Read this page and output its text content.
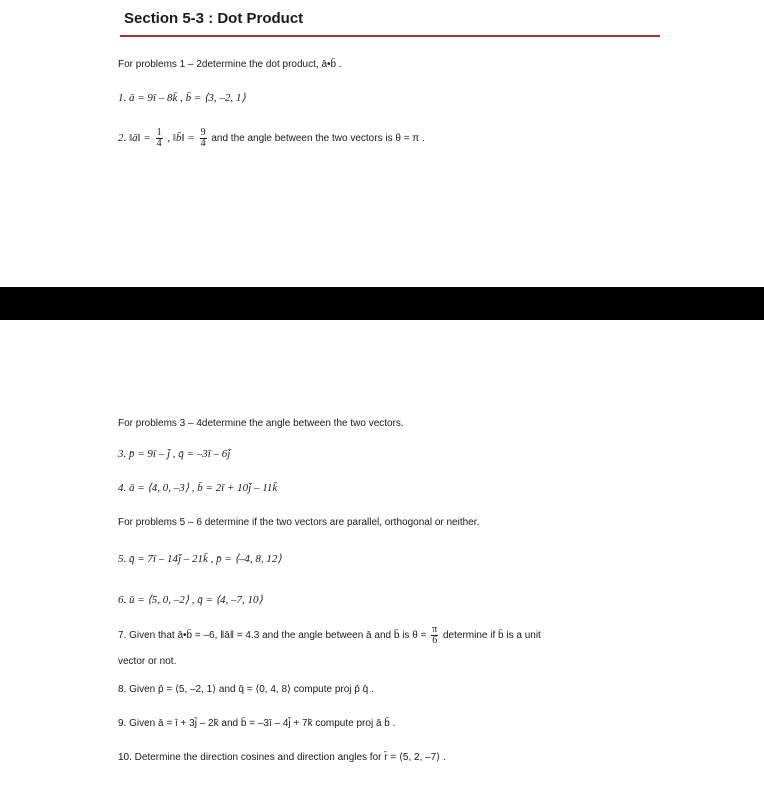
Section 5-3 : Dot Product
For problems 1 – 2determine the dot product, ā•b̄ .
1. ā = 9ī – 8k̄ , b̄ = ⟨3, –2, 1⟩
2. ‖ā‖ = $\frac{1}{4}$ , ‖b̄‖ = $\frac{9}{4}$ and the angle between the two vectors is θ = π .
For problems 3 – 4determine the angle between the two vectors.
3. p̄ = 9ī – j̄ , q̄ = –3ī – 6j̄
4. ā = ⟨4, 0, –3⟩ , b̄ = 2ī + 10j̄ – 11k̄
For problems 5 – 6 determine if the two vectors are parallel, orthogonal or neither.
5. q̄ = 7ī – 14j̄ – 21k̄ , p̄ = ⟨–4, 8, 12⟩
6. ū = ⟨5, 0, –2⟩ , q̄ = ⟨4, –7, 10⟩
7. Given that ā•b̄ = –6, ‖ā‖ = 4.3 and the angle between ā and b̄ is $\theta = \frac{\pi}{6}$ determine if b̄ is a unit
vector or not.
8. Given p̄ = ⟨5, –2, 1⟩ and q̄ = ⟨0, 4, 8⟩ compute proj p̄ q̄ .
9. Given ā = ī + 3j̄ – 2k̄ and b̄ = –3ī – 4j̄ + 7k̄ compute proj ā b̄ .
10. Determine the direction cosines and direction angles for r̄ = ⟨5, 2, –7⟩ .
